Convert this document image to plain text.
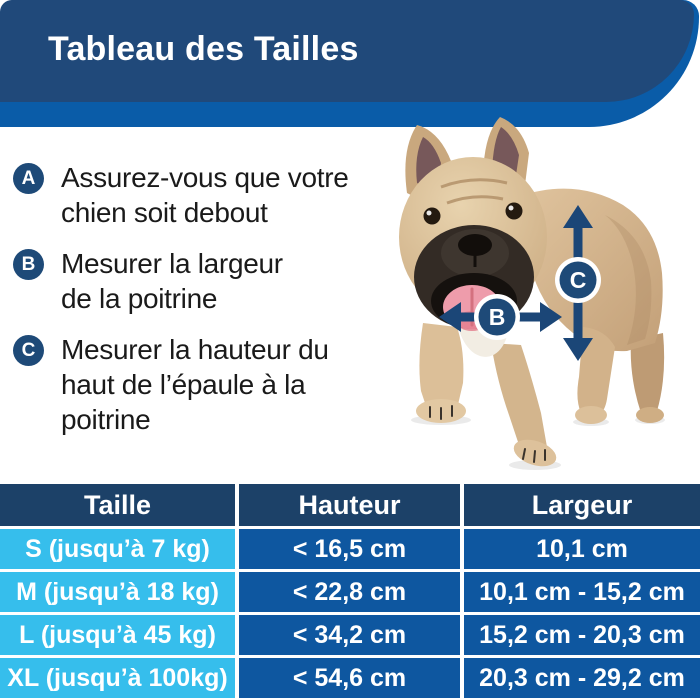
Tableau des Tailles
A Assurez-vous que votre
chien soit debout
B Mesurer la largeur
de la poitrine
C Mesurer la hauteur du
haut de l’épaule à la
poitrine
C
B
Taille	Hauteur	Largeur
S (jusqu’à 7 kg)	< 16,5 cm	10,1 cm
M (jusqu’à 18 kg)	< 22,8 cm	10,1 cm - 15,2 cm
L (jusqu’à 45 kg)	< 34,2 cm	15,2 cm - 20,3 cm
XL (jusqu’à 100kg)	< 54,6 cm	20,3 cm - 29,2 cm
